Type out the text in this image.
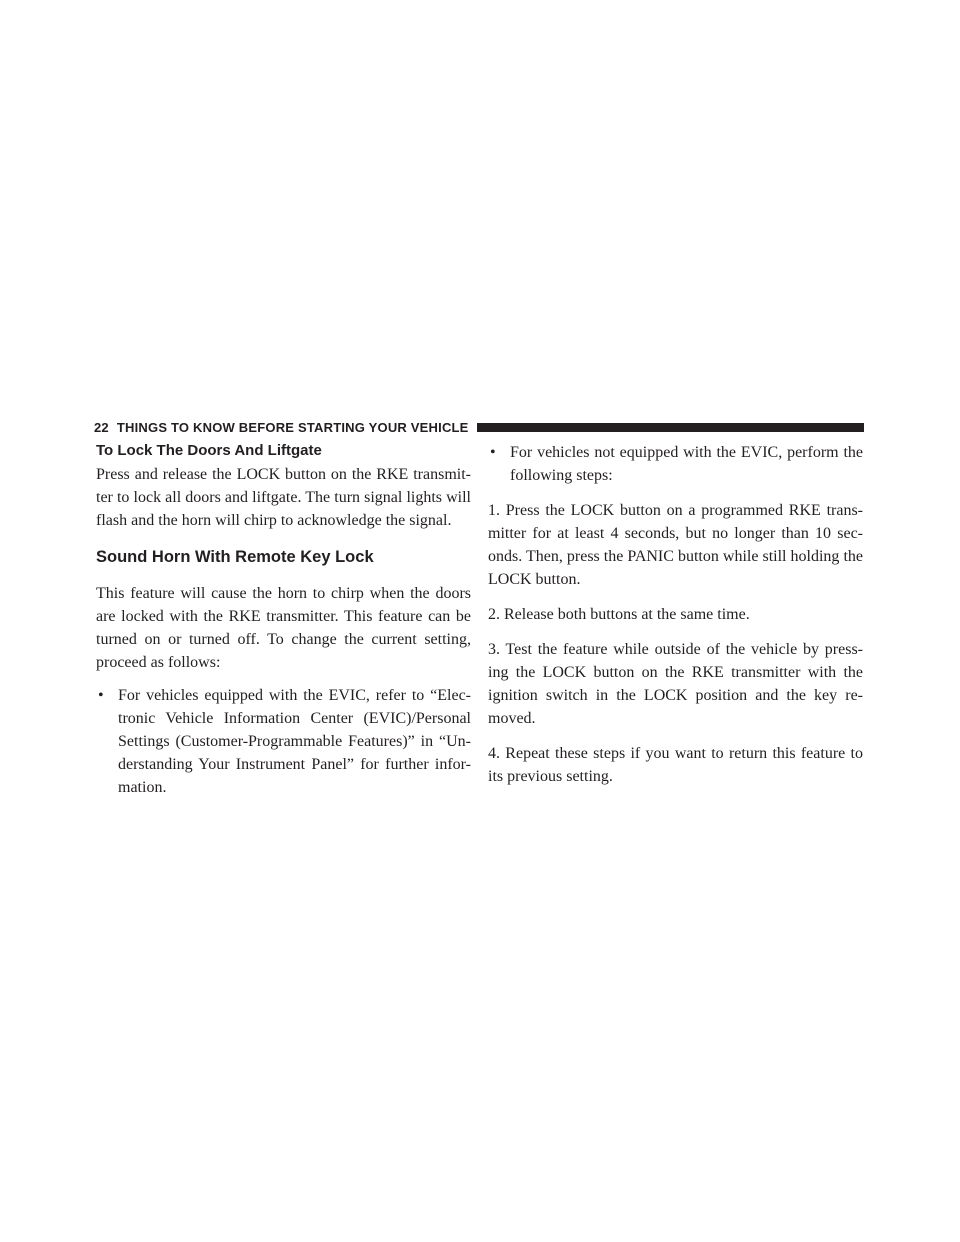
22 THINGS TO KNOW BEFORE STARTING YOUR VEHICLE
To Lock The Doors And Liftgate

Press and release the LOCK button on the RKE transmit-ter to lock all doors and liftgate. The turn signal lights will flash and the horn will chirp to acknowledge the signal.

Sound Horn With Remote Key Lock

This feature will cause the horn to chirp when the doors are locked with the RKE transmitter. This feature can be turned on or turned off. To change the current setting, proceed as follows:

• For vehicles equipped with the EVIC, refer to “Elec-tronic Vehicle Information Center (EVIC)/Personal Settings (Customer-Programmable Features)” in “Un-derstanding Your Instrument Panel” for further infor-mation.
• For vehicles not equipped with the EVIC, perform the following steps:

1. Press the LOCK button on a programmed RKE trans-mitter for at least 4 seconds, but no longer than 10 sec-onds. Then, press the PANIC button while still holding the LOCK button.

2. Release both buttons at the same time.

3. Test the feature while outside of the vehicle by press-ing the LOCK button on the RKE transmitter with the ignition switch in the LOCK position and the key re-moved.

4. Repeat these steps if you want to return this feature to its previous setting.
